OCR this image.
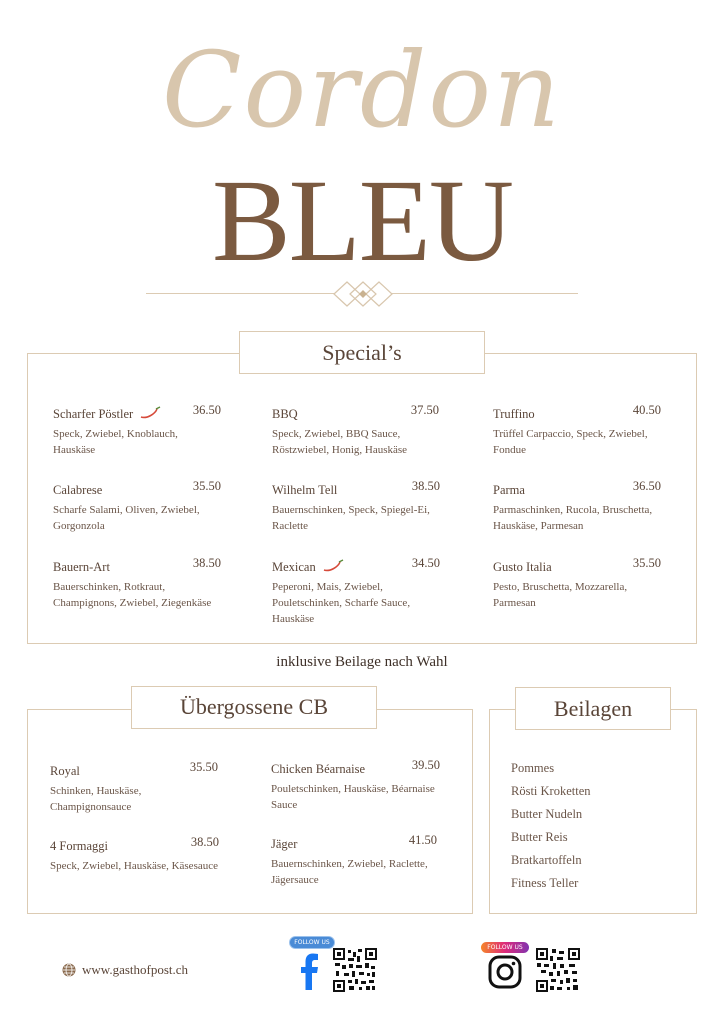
Cordon
BLEU
Special’s
Scharfer Pöstler	36.50
Speck, Zwiebel, Knoblauch, Hauskäse
BBQ	37.50
Speck, Zwiebel, BBQ Sauce, Röstzwiebel, Honig, Hauskäse
Truffino	40.50
Trüffel Carpaccio, Speck, Zwiebel, Fondue
Calabrese	35.50
Scharfe Salami, Oliven, Zwiebel, Gorgonzola
Wilhelm Tell	38.50
Bauernschinken, Speck, Spiegel-Ei, Raclette
Parma	36.50
Parmaschinken, Rucola, Bruschetta, Hauskäse, Parmesan
Bauern-Art	38.50
Bauerschinken, Rotkraut, Champignons, Zwiebel, Ziegenkäse
Mexican	34.50
Peperoni, Mais, Zwiebel, Pouletschinken, Scharfe Sauce, Hauskäse
Gusto Italia	35.50
Pesto, Bruschetta, Mozzarella, Parmesan
inklusive Beilage nach Wahl
Übergossene CB
Royal	35.50
Schinken, Hauskäse, Champignonsauce
Chicken Béarnaise	39.50
Pouletschinken, Hauskäse, Béarnaise Sauce
4 Formaggi	38.50
Speck, Zwiebel, Hauskäse, Käsesauce
Jäger	41.50
Bauernschinken, Zwiebel, Raclette, Jägersauce
Beilagen
Pommes
Rösti Kroketten
Butter Nudeln
Butter Reis
Bratkartoffeln
Fitness Teller
www.gasthofpost.ch
FOLLOW US
FOLLOW US
